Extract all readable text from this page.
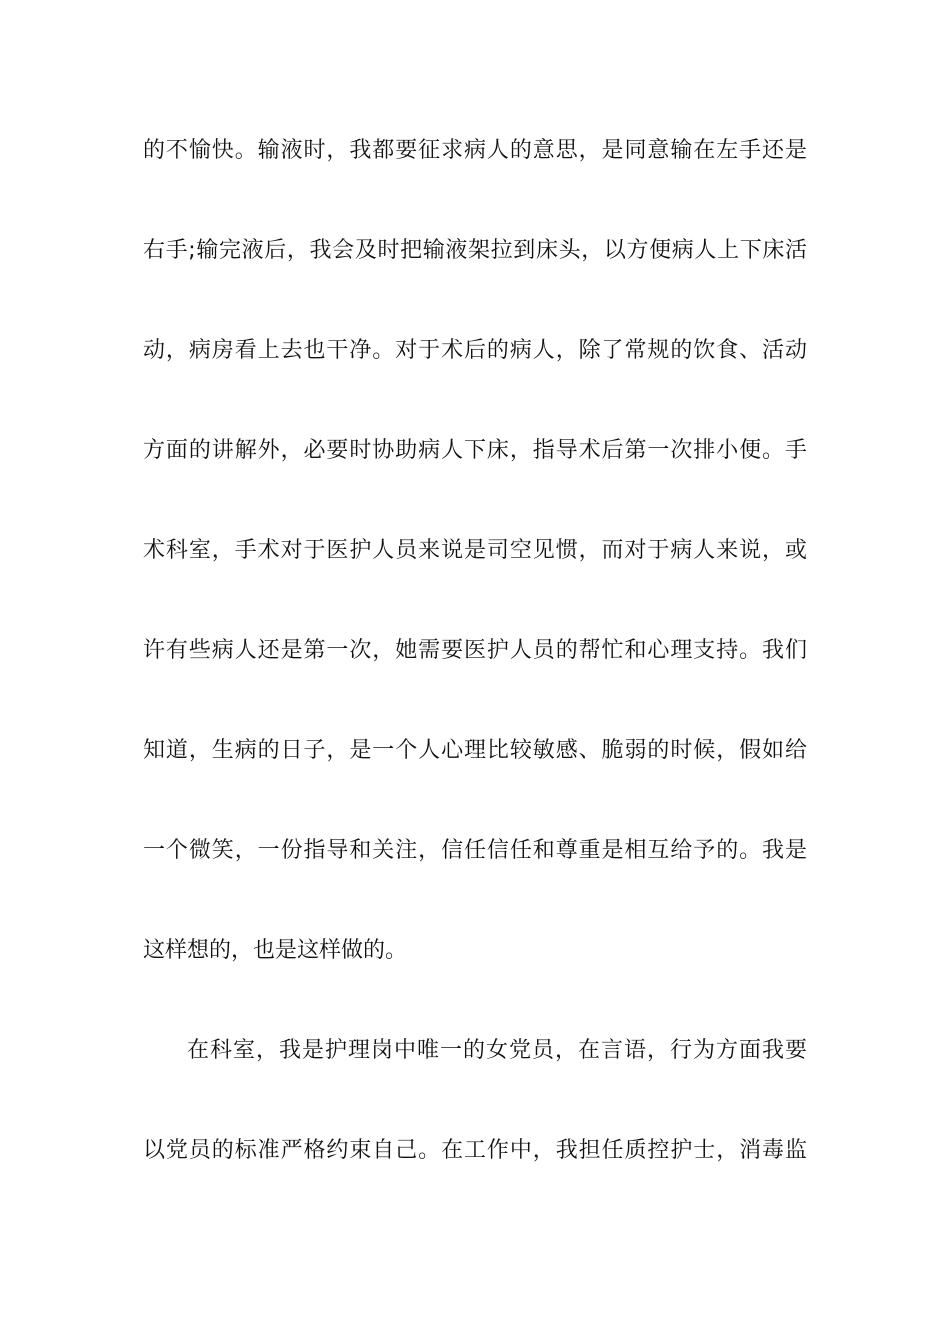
的不愉快。输液时，我都要征求病人的意思，是同意输在左手还是
右手;输完液后，我会及时把输液架拉到床头，以方便病人上下床活
动，病房看上去也干净。对于术后的病人，除了常规的饮食、活动
方面的讲解外，必要时协助病人下床，指导术后第一次排小便。手
术科室，手术对于医护人员来说是司空见惯，而对于病人来说，或
许有些病人还是第一次，她需要医护人员的帮忙和心理支持。我们
知道，生病的日子，是一个人心理比较敏感、脆弱的时候，假如给
一个微笑，一份指导和关注，信任信任和尊重是相互给予的。我是
这样想的，也是这样做的。
在科室，我是护理岗中唯一的女党员，在言语，行为方面我要
以党员的标准严格约束自己。在工作中，我担任质控护士，消毒监
